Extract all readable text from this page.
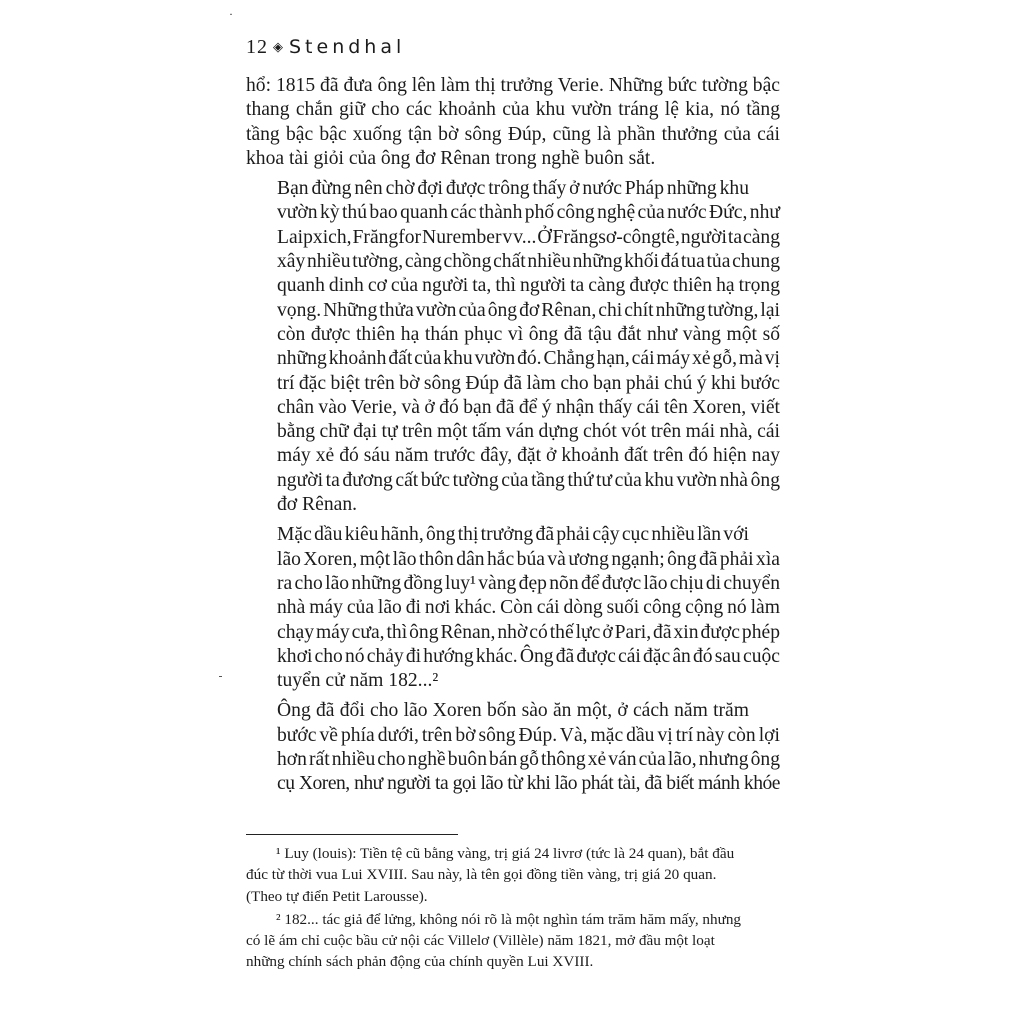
·
12 ◈ Stendhal

hổ: 1815 đã đưa ông lên làm thị trưởng Verie. Những bức tường bậc
thang chắn giữ cho các khoảnh của khu vườn tráng lệ kia, nó tầng
tầng bậc bậc xuống tận bờ sông Đúp, cũng là phần thưởng của cái
khoa tài giỏi của ông đơ Rênan trong nghề buôn sắt.

Bạn đừng nên chờ đợi được trông thấy ở nước Pháp những khu
vườn kỳ thú bao quanh các thành phố công nghệ của nước Đức, như
Laipxich, Frăngfor Nurember v v... Ở Frăngsơ-côngtê, người ta càng
xây nhiều tường, càng chồng chất nhiều những khối đá tua tủa chung
quanh dinh cơ của người ta, thì người ta càng được thiên hạ trọng
vọng. Những thửa vườn của ông đơ Rênan, chi chít những tường, lại
còn được thiên hạ thán phục vì ông đã tậu đắt như vàng một số
những khoảnh đất của khu vườn đó. Chẳng hạn, cái máy xẻ gỗ, mà vị
trí đặc biệt trên bờ sông Đúp đã làm cho bạn phải chú ý khi bước
chân vào Verie, và ở đó bạn đã để ý nhận thấy cái tên Xoren, viết
bằng chữ đại tự trên một tấm ván dựng chót vót trên mái nhà, cái
máy xẻ đó sáu năm trước đây, đặt ở khoảnh đất trên đó hiện nay
người ta đương cất bức tường của tầng thứ tư của khu vườn nhà ông
đơ Rênan.

Mặc dầu kiêu hãnh, ông thị trưởng đã phải cậy cục nhiều lần với
lão Xoren, một lão thôn dân hắc búa và ương ngạnh; ông đã phải xìa
ra cho lão những đồng luy¹ vàng đẹp nõn để được lão chịu di chuyển
nhà máy của lão đi nơi khác. Còn cái dòng suối công cộng nó làm
chạy máy cưa, thì ông Rênan, nhờ có thế lực ở Pari, đã xin được phép
khơi cho nó chảy đi hướng khác. Ông đã được cái đặc ân đó sau cuộc
tuyển cử năm 182...²

Ông đã đổi cho lão Xoren bốn sào ăn một, ở cách năm trăm
bước về phía dưới, trên bờ sông Đúp. Và, mặc dầu vị trí này còn lợi
hơn rất nhiều cho nghề buôn bán gỗ thông xẻ ván của lão, nhưng ông
cụ Xoren, như người ta gọi lão từ khi lão phát tài, đã biết mánh khóe

¹ Luy (louis): Tiền tệ cũ bằng vàng, trị giá 24 livrơ (tức là 24 quan), bắt đầu
đúc từ thời vua Lui XVIII. Sau này, là tên gọi đồng tiền vàng, trị giá 20 quan.
(Theo tự điển Petit Larousse).
² 182... tác giả để lửng, không nói rõ là một nghìn tám trăm hăm mấy, nhưng
có lẽ ám chỉ cuộc bầu cử nội các Villelơ (Villèle) năm 1821, mở đầu một loạt
những chính sách phản động của chính quyền Lui XVIII.
